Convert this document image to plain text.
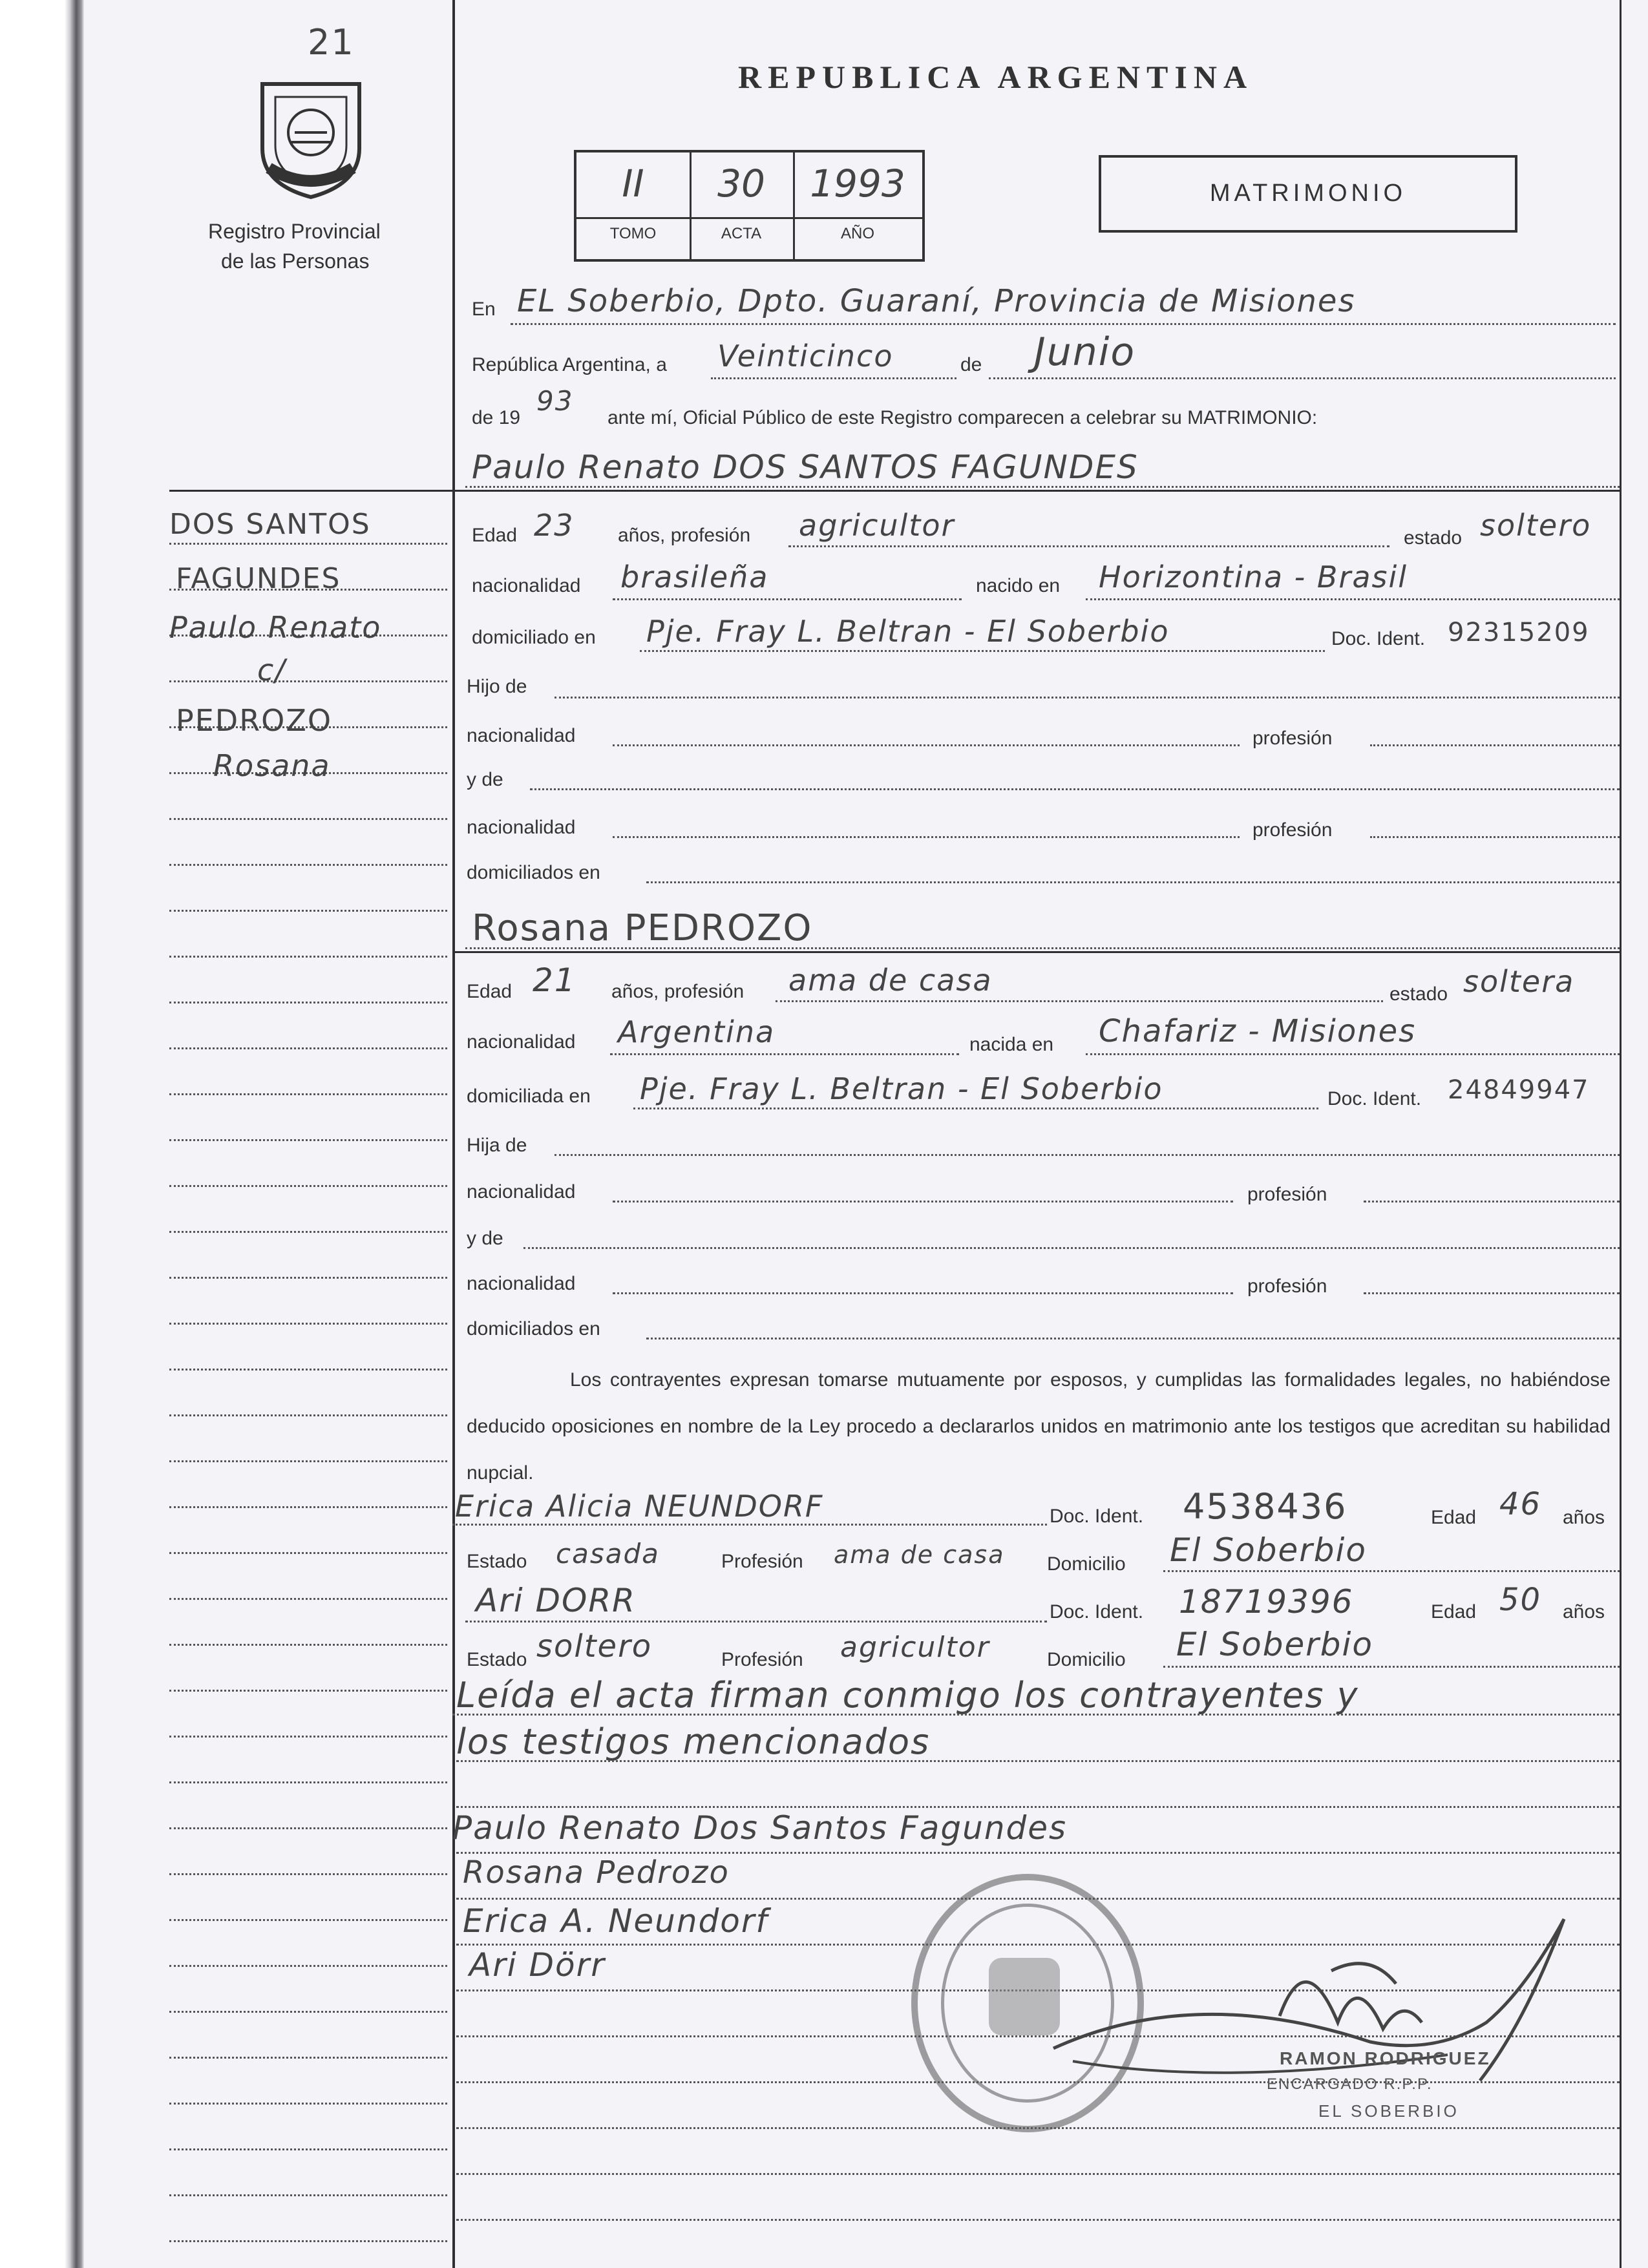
21
Registro Provincial
de las Personas
REPUBLICA ARGENTINA
II
TOMO
30
ACTA
1993
AÑO
MATRIMONIO
DOS SANTOS
FAGUNDES
Paulo Renato
c/
PEDROZO
Rosana
En EL Soberbio, Dpto. Guaraní, Provincia de Misiones
República Argentina, a Veinticinco	de Junio
de 19
93
ante mí, Oficial Público de este Registro comparecen a celebrar su MATRIMONIO:
Paulo Renato DOS SANTOS FAGUNDES
Edad 23 años, profesión agricultor	estado soltero
nacionalidad brasileña	nacido en Horizontina - Brasil
domiciliado en Pje. Fray L. Beltran - El Soberbio	Doc. Ident. 92315209
Hijo de
nacionalidad	profesión
y de
nacionalidad	profesión
domiciliados en
Rosana PEDROZO
Edad 21 años, profesión ama de casa	estado soltera
nacionalidad Argentina	nacida en Chafariz - Misiones
domiciliada en Pje. Fray L. Beltran - El Soberbio	Doc. Ident. 24849947
Hija de
nacionalidad	profesión
y de
nacionalidad	profesión
domiciliados en
Los contrayentes expresan tomarse mutuamente por esposos, y cumplidas las formalidades legales, no habiéndose deducido oposiciones en nombre de la Ley procedo a declararlos unidos en matrimonio ante los testigos que acreditan su habilidad nupcial.
Erica Alicia NEUNDORF	Doc. Ident. 4538436	Edad 46 años
Estado casada	Profesión ama de casa Domicilio El Soberbio
Ari DORR	Doc. Ident. 18719396	Edad 50 años
Estado soltero	Profesión agricultor	Domicilio El Soberbio
Leída el acta firman conmigo los contrayentes y
los testigos mencionados
Paulo Renato Dos Santos Fagundes
Rosana Pedrozo
Erica A. Neundorf
Ari Dörr
RAMON RODRIGUEZ
ENCARGADO R.P.P.
EL SOBERBIO
